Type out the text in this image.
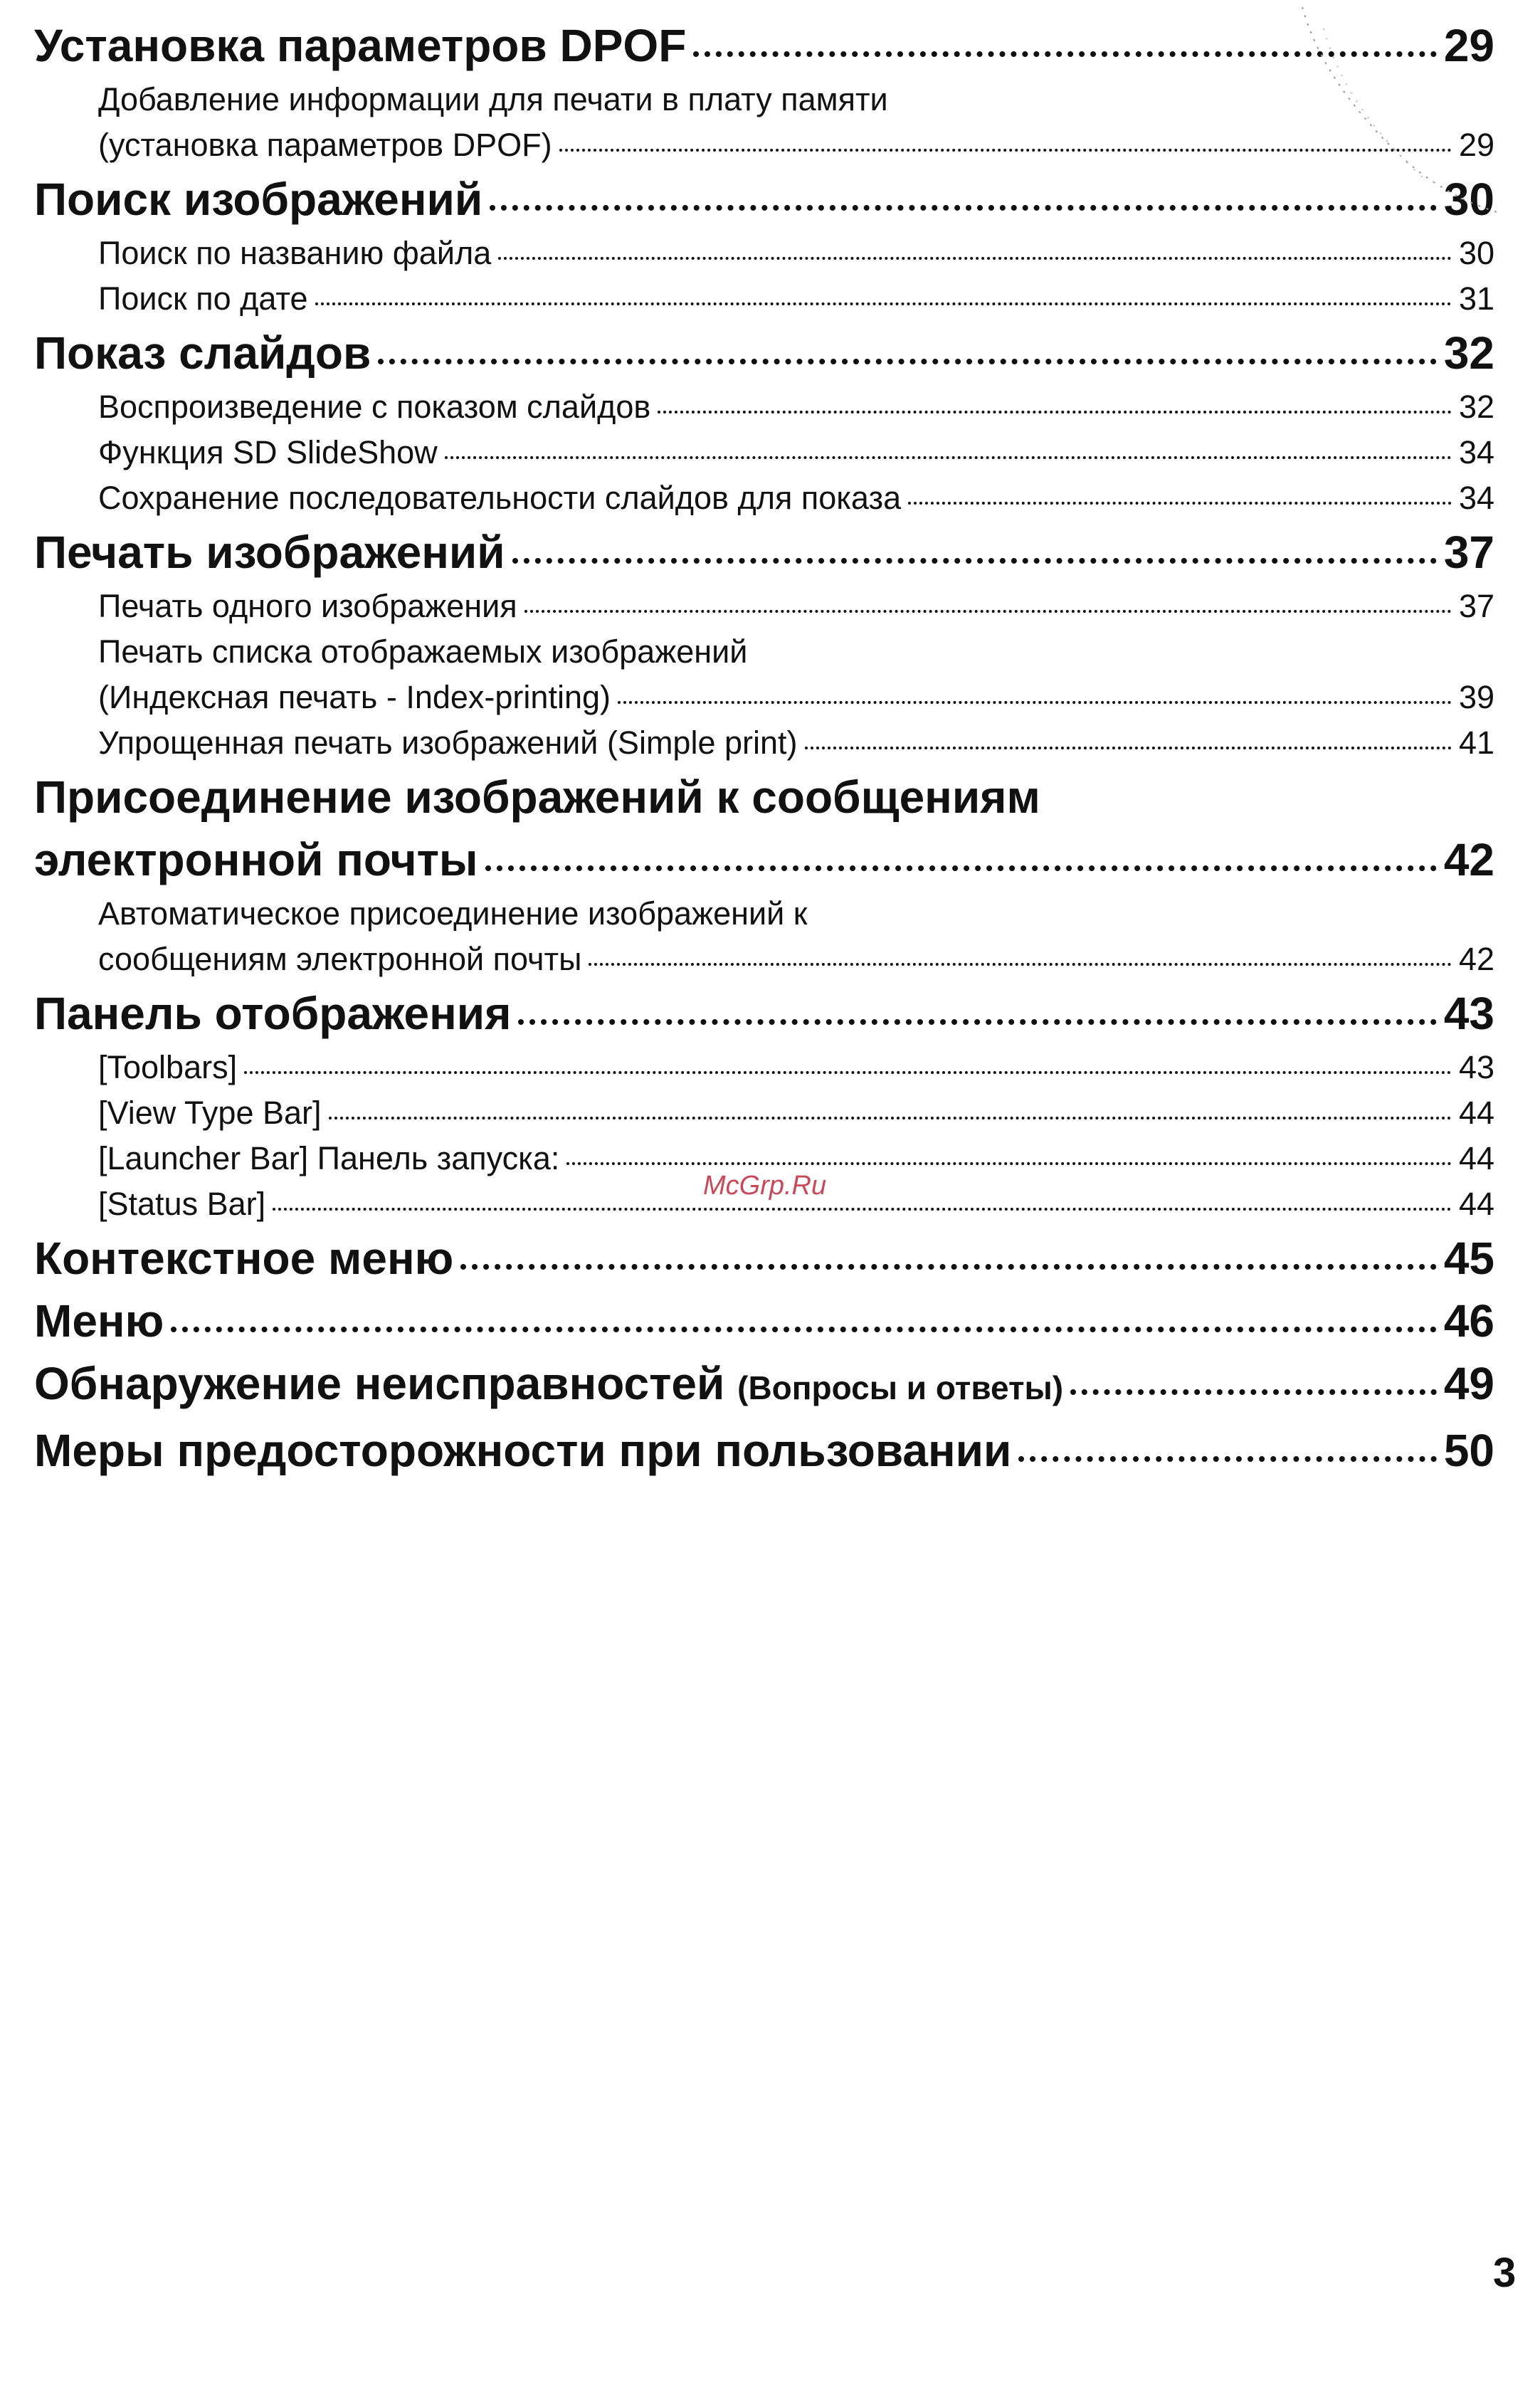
Установка параметров DPOF	29
Добавление информации для печати в плату памяти
(установка параметров DPOF)	29
Поиск изображений	30
Поиск по названию файла	30
Поиск по дате	31
Показ слайдов	32
Воспроизведение с показом слайдов	32
Функция SD SlideShow	34
Сохранение последовательности слайдов для показа	34
Печать изображений	37
Печать одного изображения	37
Печать списка отображаемых изображений
(Индексная печать - Index-printing)	39
Упрощенная печать изображений (Simple print)	41
Присоединение изображений к сообщениям
электронной почты	42
Автоматическое присоединение изображений к
сообщениям электронной почты	42
Панель отображения	43
[Toolbars]	43
[View Type Bar]	44
[Launcher Bar] Панель запуска:	44
[Status Bar]	44
Контекстное меню	45
Меню	46
Обнаружение неисправностей (Вопросы и ответы)	49
Меры предосторожности при пользовании	50
McGrp.Ru
3
